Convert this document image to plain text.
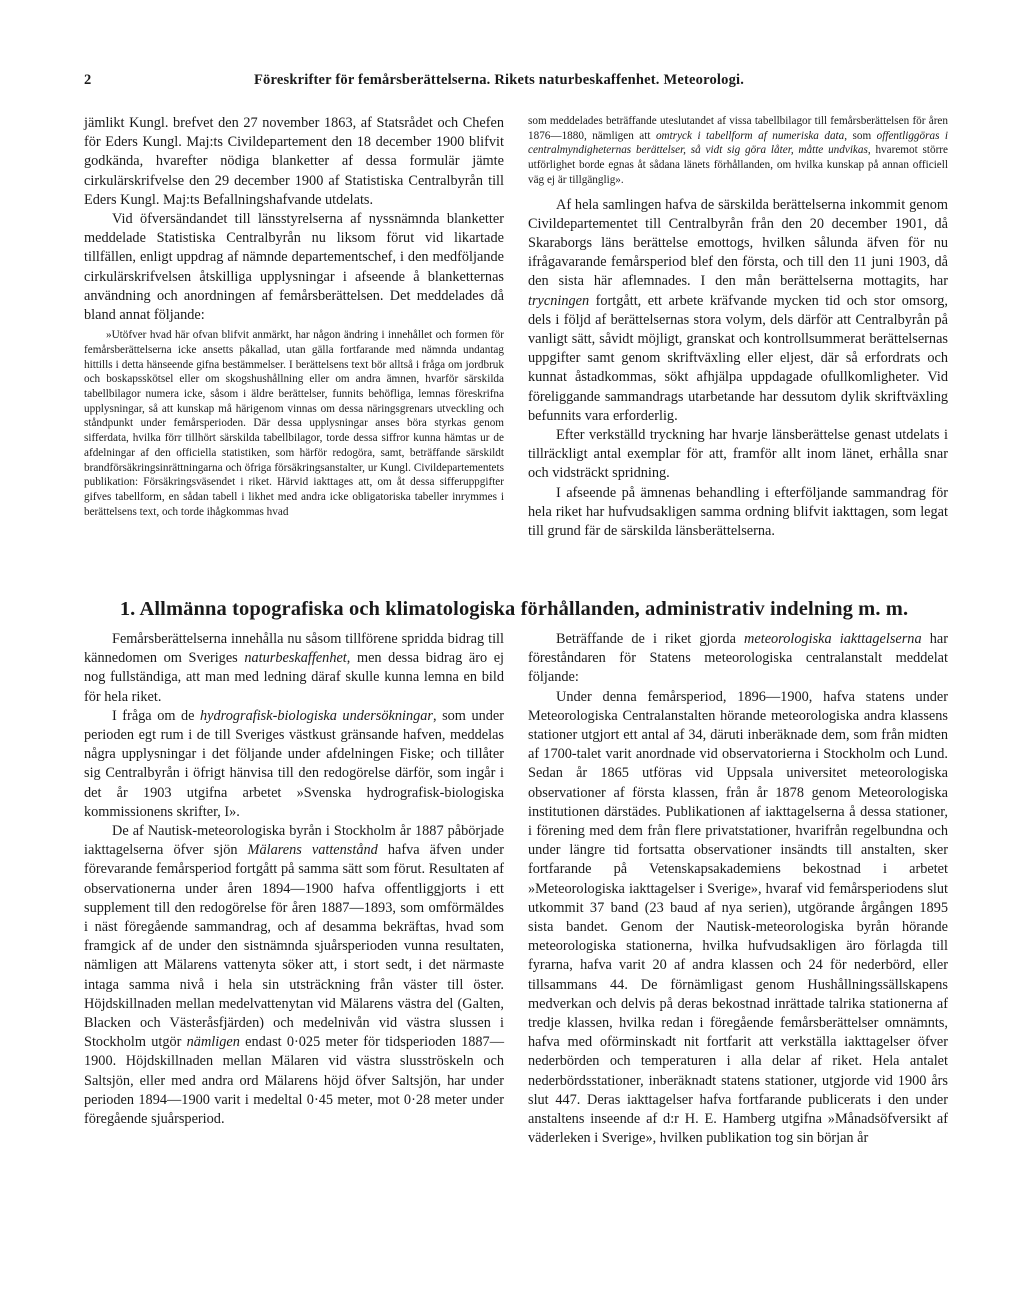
2	Föreskrifter för femårsberättelserna. Rikets naturbeskaffenhet. Meteorologi.

jämlikt Kungl. brefvet den 27 november 1863, af Statsrådet och Chefen för Eders Kungl. Maj:ts Civildepartement den 18 december 1900 blifvit godkända, hvarefter nödiga blanketter af dessa formulär jämte cirkulärskrifvelse den 29 december 1900 af Statistiska Centralbyrån till Eders Kungl. Maj:ts Befallningshafvande utdelats.

Vid öfversändandet till länsstyrelserna af nyssnämnda blanketter meddelade Statistiska Centralbyrån nu liksom förut vid likartade tillfällen, enligt uppdrag af nämnde departementschef, i den medföljande cirkulärskrifvelsen åtskilliga upplysningar i afseende å blanketternas användning och anordningen af femårsberättelsen. Det meddelades då bland annat följande:

»Utöfver hvad här ofvan blifvit anmärkt, har någon ändring i innehållet och formen för femårsberättelserna icke ansetts påkallad, utan gälla fortfarande med nämnda undantag hittills i detta hänseende gifna bestämmelser. I berättelsens text bör alltså i fråga om jordbruk och boskapsskötsel eller om skogshushållning eller om andra ämnen, hvarför särskilda tabellbilagor numera icke, såsom i äldre berättelser, funnits behöfliga, lemnas föreskrifna upplysningar, så att kunskap må härigenom vinnas om dessa näringsgrenars utveckling och ståndpunkt under femårsperioden. Där dessa upplysningar anses böra styrkas genom sifferdata, hvilka förr tillhört särskilda tabellbilagor, torde dessa siffror kunna hämtas ur de afdelningar af den officiella statistiken, som härför redogöra, samt, beträffande särskildt brandförsäkringsinrättningarna och öfriga försäkringsanstalter, ur Kungl. Civildepartementets publikation: Försäkringsväsendet i riket. Härvid iakttages att, om åt dessa sifferuppgifter gifves tabellform, en sådan tabell i likhet med andra icke obligatoriska tabeller inrymmes i berättelsens text, och torde ihågkommas hvad

som meddelades beträffande uteslutandet af vissa tabellbilagor till femårsberättelsen för åren 1876—1880, nämligen att omtryck i tabellform af numeriska data, som offentliggöras i centralmyndigheternas berättelser, så vidt sig göra låter, måtte undvikas, hvaremot större utförlighet borde egnas åt sådana länets förhållanden, om hvilka kunskap på annan officiell väg ej är tillgänglig».

Af hela samlingen hafva de särskilda berättelserna inkommit genom Civildepartementet till Centralbyrån från den 20 december 1901, då Skaraborgs läns berättelse emottogs, hvilken sålunda äfven för nu ifrågavarande femårsperiod blef den första, och till den 11 juni 1903, då den sista här aflemnades. I den mån berättelserna mottagits, har trycningen fortgått, ett arbete kräfvande mycken tid och stor omsorg, dels i följd af berättelsernas stora volym, dels därför att Centralbyrån på vanligt sätt, såvidt möjligt, granskat och kontrollsummerat berättelsernas uppgifter samt genom skriftväxling eller eljest, där så erfordrats och kunnat åstadkommas, sökt afhjälpa uppdagade ofullkomligheter. Vid föreliggande sammandrags utarbetande har dessutom dylik skriftväxling befunnits vara erforderlig.

Efter verkställd tryckning har hvarje länsberättelse genast utdelats i tillräckligt antal exemplar för att, framför allt inom länet, erhålla snar och vidsträckt spridning.

I afseende på ämnenas behandling i efterföljande sammandrag för hela riket har hufvudsakligen samma ordning blifvit iakttagen, som legat till grund fär de särskilda länsberättelserna.

1. Allmänna topografiska och klimatologiska förhållanden, administrativ indelning m. m.

Femårsberättelserna innehålla nu såsom tillförene spridda bidrag till kännedomen om Sveriges naturbeskaffenhet, men dessa bidrag äro ej nog fullständiga, att man med ledning däraf skulle kunna lemna en bild för hela riket.

I fråga om de hydrografisk-biologiska undersökningar, som under perioden egt rum i de till Sveriges västkust gränsande hafven, meddelas några upplysningar i det följande under afdelningen Fiske; och tillåter sig Centralbyrån i öfrigt hänvisa till den redogörelse därför, som ingår i det år 1903 utgifna arbetet »Svenska hydrografisk-biologiska kommissionens skrifter, I».

De af Nautisk-meteorologiska byrån i Stockholm år 1887 påbörjade iakttagelserna öfver sjön Mälarens vattenstånd hafva äfven under förevarande femårsperiod fortgått på samma sätt som förut. Resultaten af observationerna under åren 1894—1900 hafva offentliggjorts i ett supplement till den redogörelse för åren 1887—1893, som omförmäldes i näst föregående sammandrag, och af desamma bekräftas, hvad som framgick af de under den sistnämnda sjuårsperioden vunna resultaten, nämligen att Mälarens vattenyta söker att, i stort sedt, i det närmaste intaga samma nivå i hela sin utsträckning från väster till öster. Höjdskillnaden mellan medelvattenytan vid Mälarens västra del (Galten, Blacken och Västeråsfjärden) och medelnivån vid västra slussen i Stockholm utgör nämligen endast 0·025 meter för tidsperioden 1887—1900. Höjdskillnaden mellan Mälaren vid västra slusströskeln och Saltsjön, eller med andra ord Mälarens höjd öfver Saltsjön, har under perioden 1894—1900 varit i medeltal 0·45 meter, mot 0·28 meter under föregående sjuårsperiod.

Beträffande de i riket gjorda meteorologiska iakttagelserna har föreståndaren för Statens meteorologiska centralanstalt meddelat följande:

Under denna femårsperiod, 1896—1900, hafva statens under Meteorologiska Centralanstalten hörande meteorologiska andra klassens stationer utgjort ett antal af 34, däruti inberäknade dem, som från midten af 1700-talet varit anordnade vid observatorierna i Stockholm och Lund. Sedan år 1865 utföras vid Uppsala universitet meteorologiska observationer af första klassen, från år 1878 genom Meteorologiska institutionen därstädes. Publikationen af iakttagelserna å dessa stationer, i förening med dem från flere privatstationer, hvarifrån regelbundna och under längre tid fortsatta observationer insändts till anstalten, sker fortfarande på Vetenskapsakademiens bekostnad i arbetet »Meteorologiska iakttagelser i Sverige», hvaraf vid femårsperiodens slut utkommit 37 band (23 baud af nya serien), utgörande årgången 1895 sista bandet. Genom der Nautisk-meteorologiska byrån hörande meteorologiska stationerna, hvilka hufvudsakligen äro förlagda till fyrarna, hafva varit 20 af andra klassen och 24 för nederbörd, eller tillsammans 44. De förnämligast genom Hushållningssällskapens medverkan och delvis på deras bekostnad inrättade talrika stationerna af tredje klassen, hvilka redan i föregående femårsberättelser omnämnts, hafva med oförminskadt nit fortfarit att verkställa iakttagelser öfver nederbörden och temperaturen i alla delar af riket. Hela antalet nederbördsstationer, inberäknadt statens stationer, utgjorde vid 1900 års slut 447. Deras iakttagelser hafva fortfarande publicerats i den under anstaltens inseende af d:r H. E. Hamberg utgifna »Månadsöfversikt af väderleken i Sverige», hvilken publikation tog sin början år
